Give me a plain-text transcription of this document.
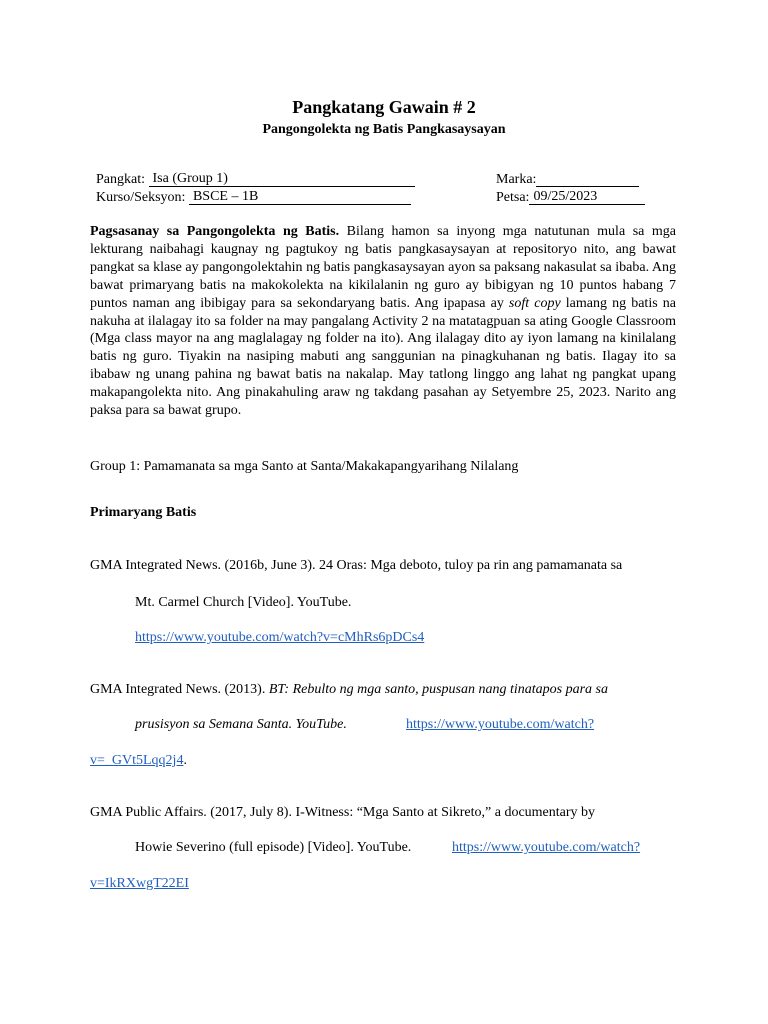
Pangkatang Gawain # 2
Pangongolekta ng Batis Pangkasaysayan
Pangkat: Isa (Group 1)
Kurso/Seksyon: BSCE – 1B
Marka:
Petsa: 09/25/2023
Pagsasanay sa Pangongolekta ng Batis. Bilang hamon sa inyong mga natutunan mula sa mga lekturang naibahagi kaugnay ng pagtukoy ng batis pangkasaysayan at repositoryo nito, ang bawat pangkat sa klase ay pangongolektahin ng batis pangkasaysayan ayon sa paksang nakasulat sa ibaba. Ang bawat primaryang batis na makokolekta na kikilalanin ng guro ay bibigyan ng 10 puntos habang 7 puntos naman ang ibibigay para sa sekondaryang batis. Ang ipapasa ay soft copy lamang ng batis na nakuha at ilalagay ito sa folder na may pangalang Activity 2 na matatagpuan sa ating Google Classroom (Mga class mayor na ang maglalagay ng folder na ito). Ang ilalagay dito ay iyon lamang na kinilalang batis ng guro. Tiyakin na nasiping mabuti ang sanggunian na pinagkuhanan ng batis. Ilagay ito sa ibabaw ng unang pahina ng bawat batis na nakalap. May tatlong linggo ang lahat ng pangkat upang makapangolekta nito. Ang pinakahuling araw ng takdang pasahan ay Setyembre 25, 2023. Narito ang paksa para sa bawat grupo.
Group 1: Pamamanata sa mga Santo at Santa/Makakapangyarihang Nilalang
Primaryang Batis
GMA Integrated News. (2016b, June 3). 24 Oras: Mga deboto, tuloy pa rin ang pamamanata sa
Mt. Carmel Church [Video]. YouTube.
https://www.youtube.com/watch?v=cMhRs6pDCs4
GMA Integrated News. (2013). BT: Rebulto ng mga santo, puspusan nang tinatapos para sa
prusisyon sa Semana Santa. YouTube.	https://www.youtube.com/watch?
v=_GVt5Lqq2j4.
GMA Public Affairs. (2017, July 8). I-Witness: “Mga Santo at Sikreto,” a documentary by
Howie Severino (full episode) [Video]. YouTube.	https://www.youtube.com/watch?
v=IkRXwgT22EI
